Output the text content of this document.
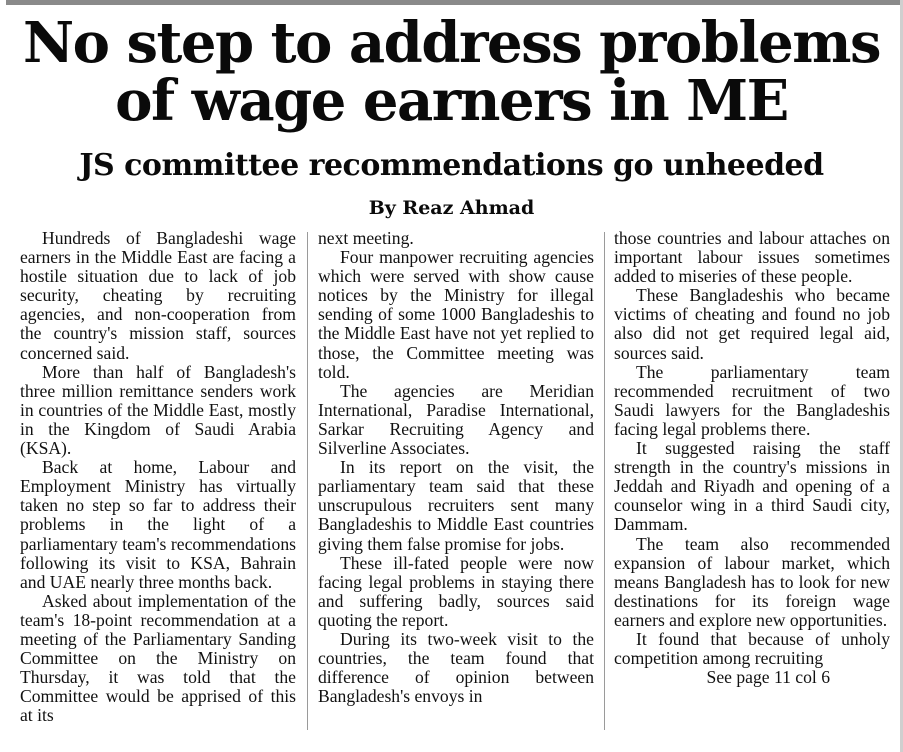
No step to address problems
of wage earners in ME
JS committee recommendations go unheeded
By Reaz Ahmad

Hundreds of Bangladeshi wage earners in the Middle East are facing a hostile situation due to lack of job security, cheating by recruiting agencies, and non-cooperation from the country's mission staff, sources concerned said.

More than half of Bangladesh's three million remittance senders work in countries of the Middle East, mostly in the Kingdom of Saudi Arabia (KSA).

Back at home, Labour and Employment Ministry has virtually taken no step so far to address their problems in the light of a parliamentary team's recommendations following its visit to KSA, Bahrain and UAE nearly three months back.

Asked about implementation of the team's 18-point recommendation at a meeting of the Parliamentary Sanding Committee on the Ministry on Thursday, it was told that the Committee would be apprised of this at its

next meeting.

Four manpower recruiting agencies which were served with show cause notices by the Ministry for illegal sending of some 1000 Bangladeshis to the Middle East have not yet replied to those, the Committee meeting was told.

The agencies are Meridian International, Paradise International, Sarkar Recruiting Agency and Silverline Associates.

In its report on the visit, the parliamentary team said that these unscrupulous recruiters sent many Bangladeshis to Middle East countries giving them false promise for jobs.

These ill-fated people were now facing legal problems in staying there and suffering badly, sources said quoting the report.

During its two-week visit to the countries, the team found that difference of opinion between Bangladesh's envoys in

those countries and labour attaches on important labour issues sometimes added to miseries of these people.

These Bangladeshis who became victims of cheating and found no job also did not get required legal aid, sources said.

The parliamentary team recommended recruitment of two Saudi lawyers for the Bangladeshis facing legal problems there.

It suggested raising the staff strength in the country's missions in Jeddah and Riyadh and opening of a counselor wing in a third Saudi city, Dammam.

The team also recommended expansion of labour market, which means Bangladesh has to look for new destinations for its foreign wage earners and explore new opportunities.

It found that because of unholy competition among recruiting

See page 11 col 6
